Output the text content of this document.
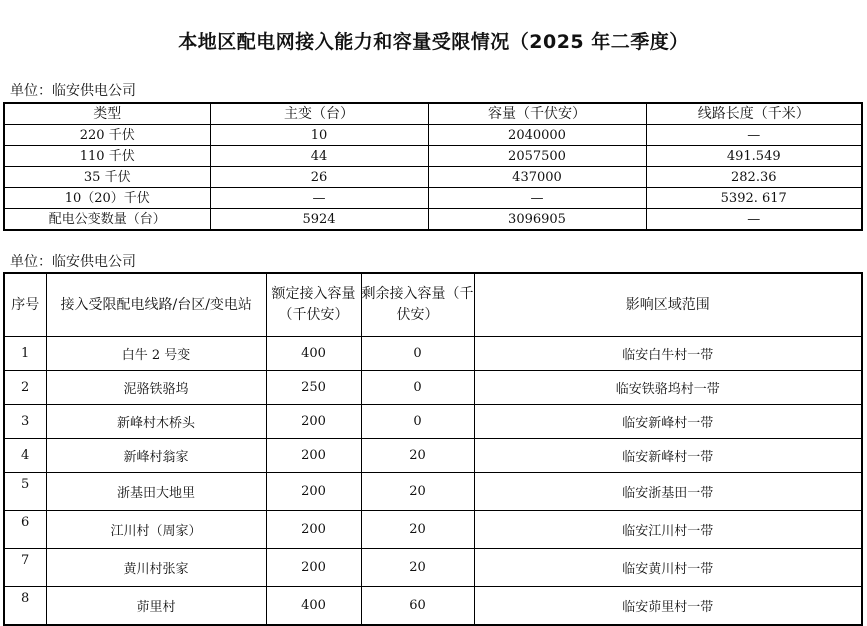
本地区配电网接入能力和容量受限情况（2025 年二季度）
单位：临安供电公司
类型	主变（台）	容量（千伏安）	线路长度（千米）
220 千伏	10	2040000	—
110 千伏	44	2057500	491.549
35 千伏	26	437000	282.36
10（20）千伏	—	—	5392. 617
配电公变数量（台）	5924	3096905	—
单位：临安供电公司
序号	接入受限配电线路/台区/变电站	额定接入容量（千伏安）	剩余接入容量（千伏安）	影响区域范围
1	白牛 2 号变	400	0	临安白牛村一带
2	泥骆铁骆坞	250	0	临安铁骆坞村一带
3	新峰村木桥头	200	0	临安新峰村一带
4	新峰村翁家	200	20	临安新峰村一带
5	浙基田大地里	200	20	临安浙基田一带
6	江川村（周家）	200	20	临安江川村一带
7	黄川村张家	200	20	临安黄川村一带
8	茆里村	400	60	临安茆里村一带
